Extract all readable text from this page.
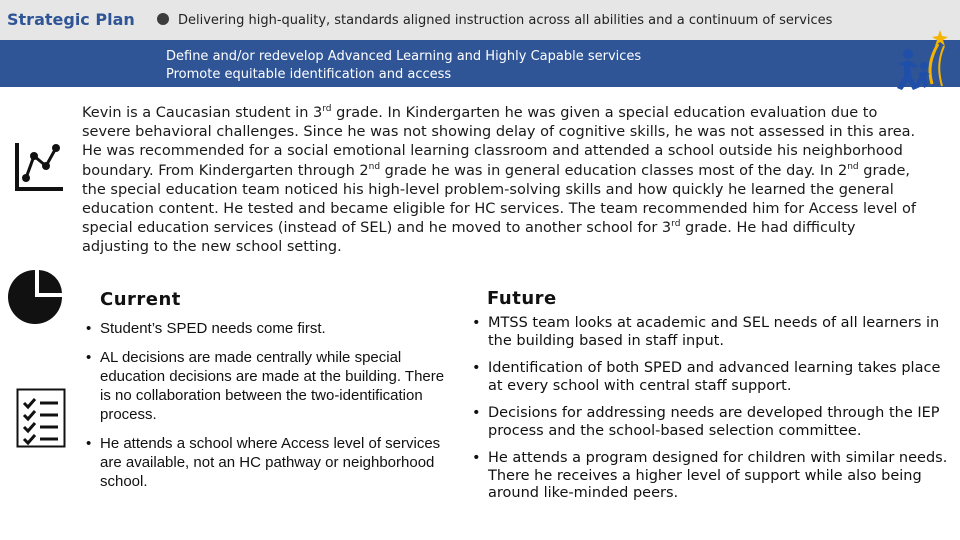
Strategic Plan	Delivering high-quality, standards aligned instruction across all abilities and a continuum of services
Define and/or redevelop Advanced Learning and Highly Capable services
Promote equitable identification and access

Kevin is a Caucasian student in 3rd grade. In Kindergarten he was given a special education evaluation due to severe behavioral challenges. Since he was not showing delay of cognitive skills, he was not assessed in this area. He was recommended for a social emotional learning classroom and attended a school outside his neighborhood boundary. From Kindergarten through 2nd grade he was in general education classes most of the day. In 2nd grade, the special education team noticed his high-level problem-solving skills and how quickly he learned the general education content. He tested and became eligible for HC services. The team recommended him for Access level of special education services (instead of SEL) and he moved to another school for 3rd grade. He had difficulty adjusting to the new school setting.

Current
• Student’s SPED needs come first.
• AL decisions are made centrally while special education decisions are made at the building. There is no collaboration between the two-identification process.
• He attends a school where Access level of services are available, not an HC pathway or neighborhood school.
Future
• MTSS team looks at academic and SEL needs of all learners in the building based in staff input.
• Identification of both SPED and advanced learning takes place at every school with central staff support.
• Decisions for addressing needs are developed through the IEP process and the school-based selection committee.
• He attends a program designed for children with similar needs. There he receives a higher level of support while also being around like-minded peers.
